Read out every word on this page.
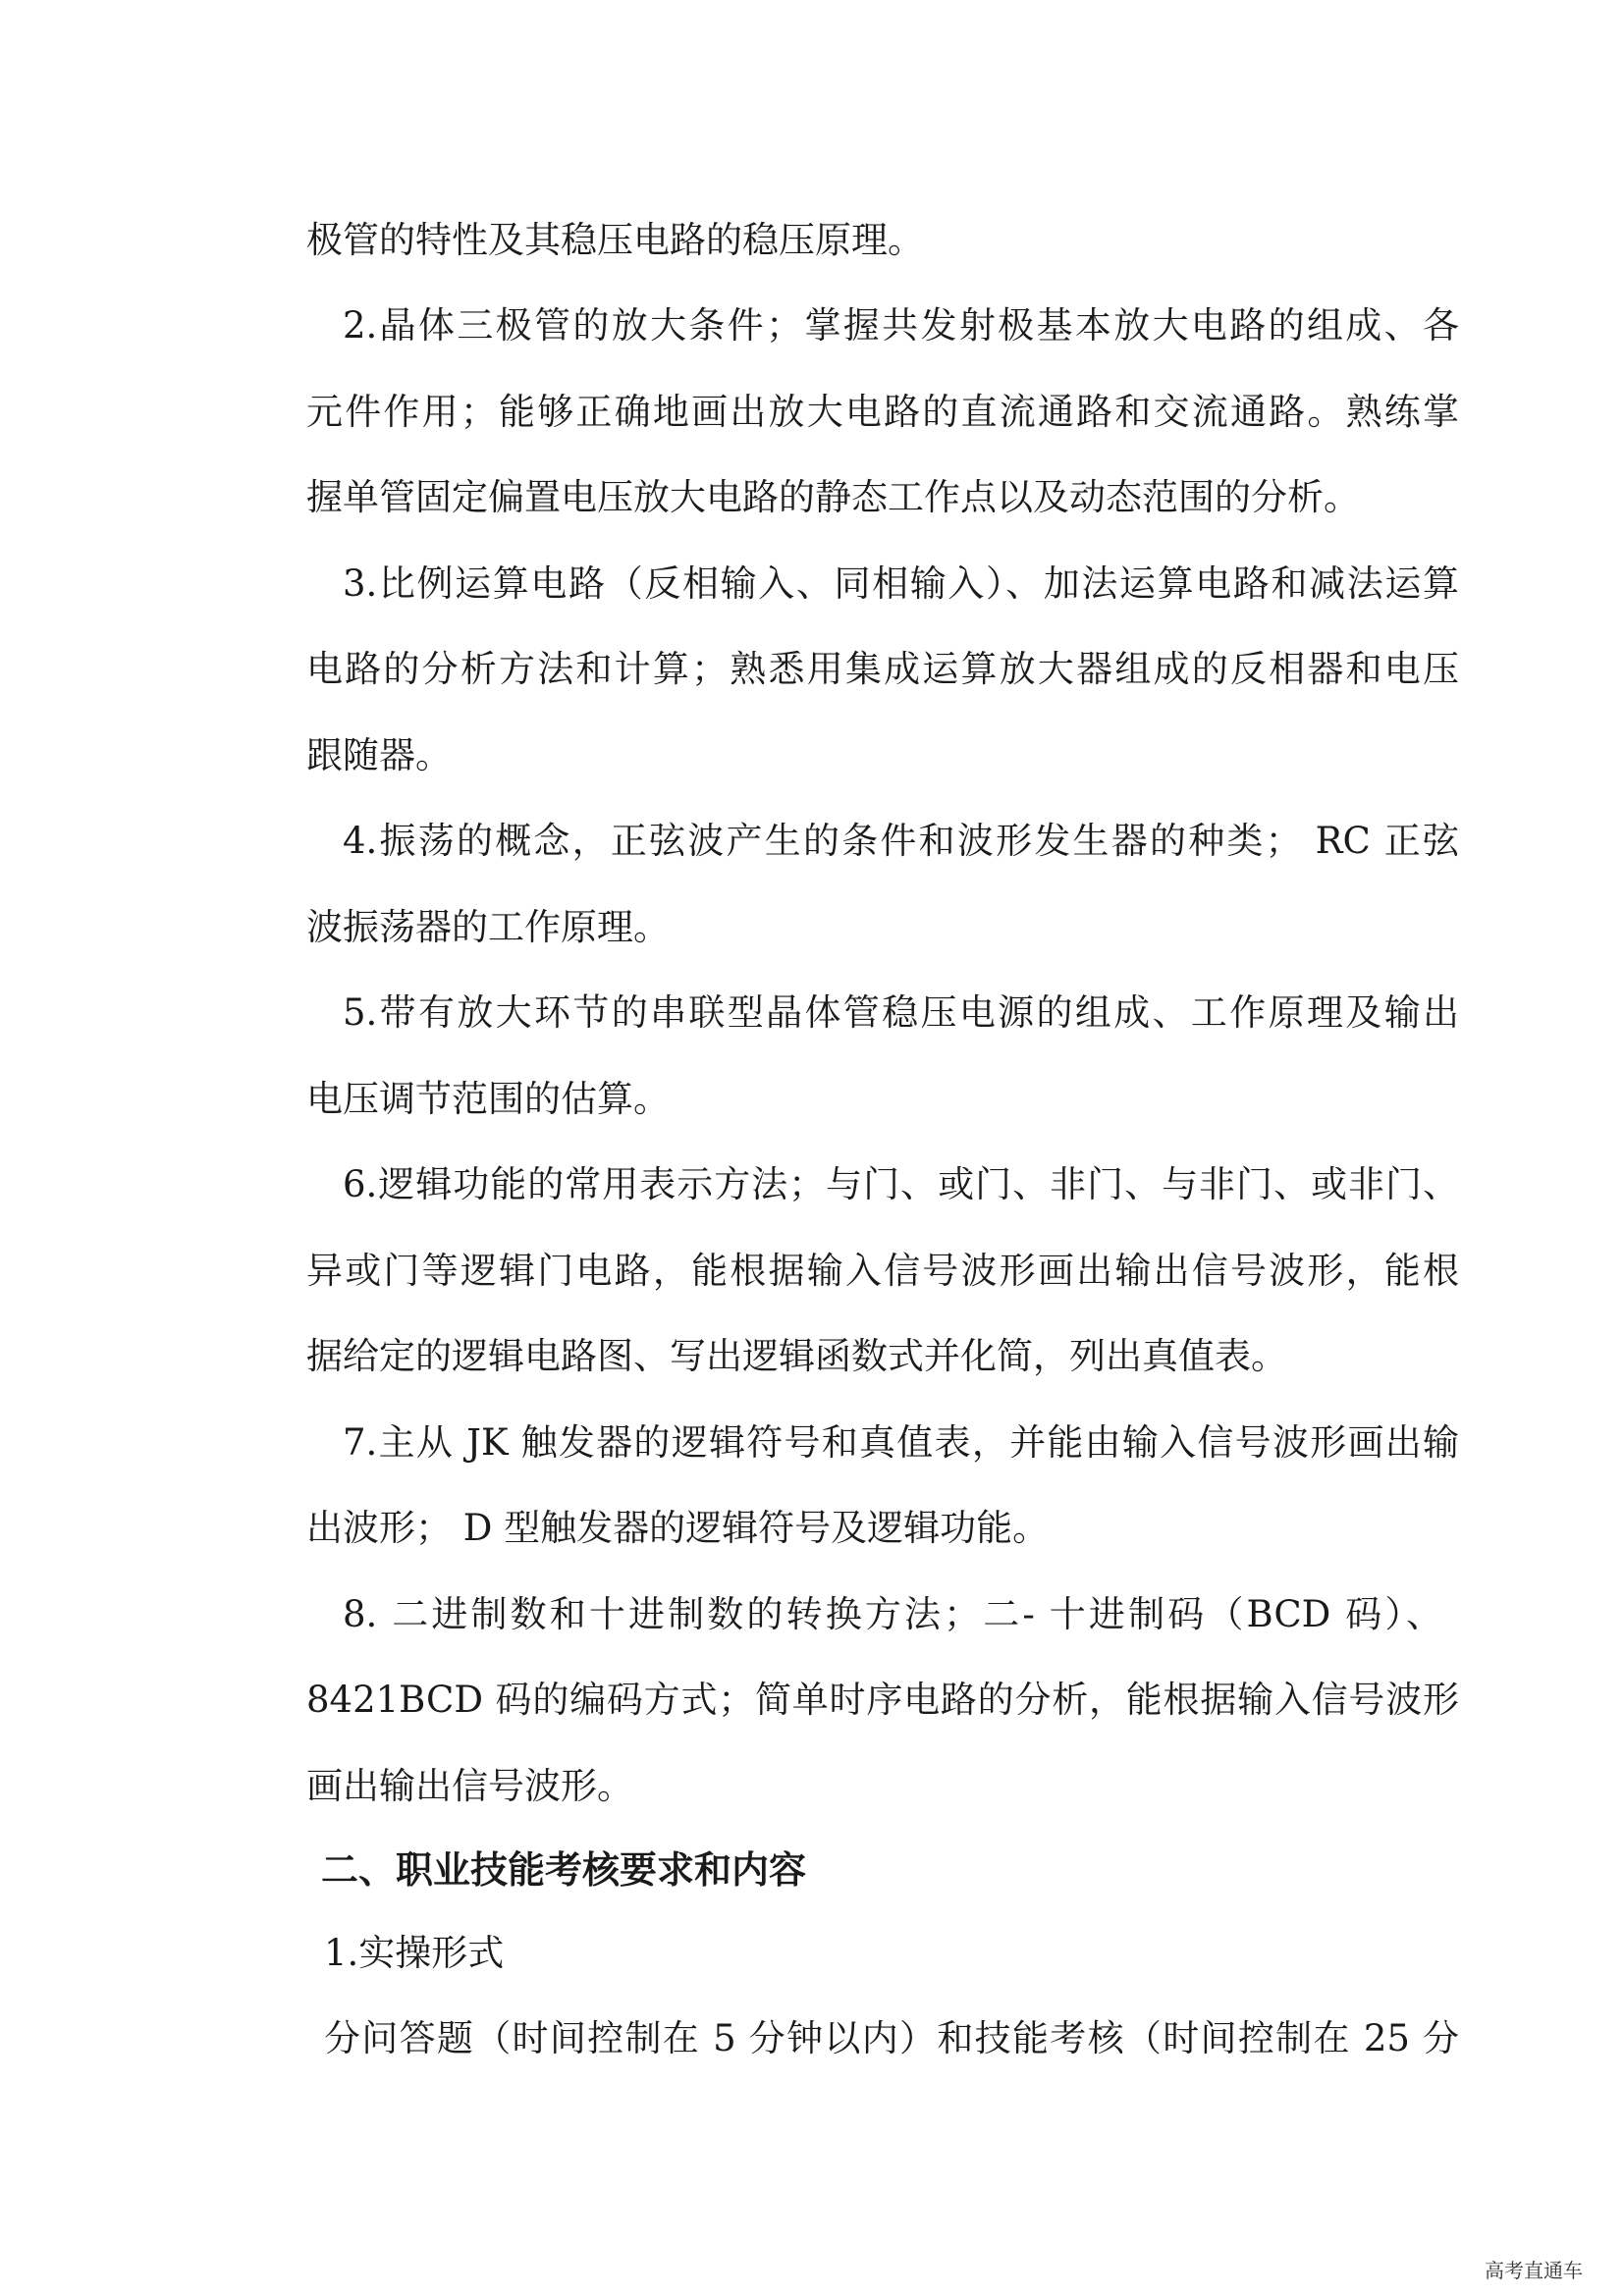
极管的特性及其稳压电路的稳压原理。
2.晶体三极管的放大条件；掌握共发射极基本放大电路的组成、各
元件作用；能够正确地画出放大电路的直流通路和交流通路。熟练掌
握单管固定偏置电压放大电路的静态工作点以及动态范围的分析。
3.比例运算电路（反相输入、同相输入）、加法运算电路和减法运算
电路的分析方法和计算；熟悉用集成运算放大器组成的反相器和电压
跟随器。
4.振荡的概念，正弦波产生的条件和波形发生器的种类； RC 正弦
波振荡器的工作原理。
5.带有放大环节的串联型晶体管稳压电源的组成、工作原理及输出
电压调节范围的估算。
6.逻辑功能的常用表示方法；与门、或门、非门、与非门、或非门、
异或门等逻辑门电路，能根据输入信号波形画出输出信号波形，能根
据给定的逻辑电路图、写出逻辑函数式并化简，列出真值表。
7.主从 JK 触发器的逻辑符号和真值表，并能由输入信号波形画出输
出波形； D 型触发器的逻辑符号及逻辑功能。
8. 二进制数和十进制数的转换方法；二- 十进制码（BCD 码）、
8421BCD 码的编码方式；简单时序电路的分析，能根据输入信号波形
画出输出信号波形。
二、职业技能考核要求和内容
1.实操形式
分问答题（时间控制在 5 分钟以内）和技能考核（时间控制在 25 分
高考直通车
